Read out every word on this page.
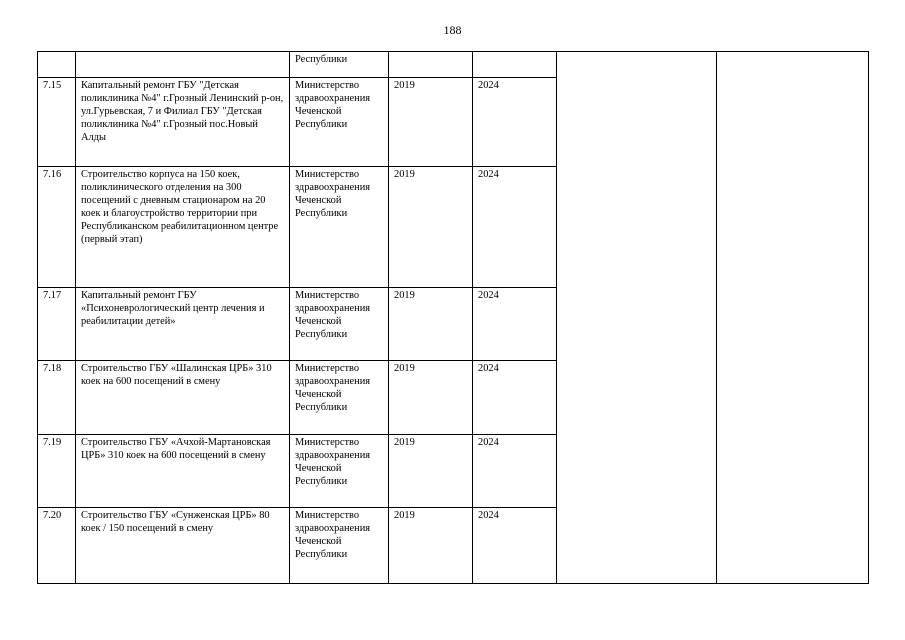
188
		Республики				
7.15	Капитальный ремонт ГБУ "Детская поликлиника №4" г.Грозный Ленинский р-он, ул.Гурьевская, 7 и Филиал ГБУ "Детская поликлиника №4" г.Грозный пос.Новый Алды	Министерство здравоохранения Чеченской Республики	2019	2024		
7.16	Строительство корпуса на 150 коек, поликлинического отделения на 300 посещений с дневным стационаром на 20 коек и благоустройство территории при Республиканском реабилитационном центре (первый этап)	Министерство здравоохранения Чеченской Республики	2019	2024		
7.17	Капитальный ремонт ГБУ «Психоневрологический центр лечения и реабилитации детей»	Министерство здравоохранения Чеченской Республики	2019	2024		
7.18	Строительство ГБУ «Шалинская ЦРБ» 310 коек на 600 посещений в смену	Министерство здравоохранения Чеченской Республики	2019	2024		
7.19	Строительство ГБУ «Ачхой-Мартановская ЦРБ» 310 коек на 600 посещений в смену	Министерство здравоохранения Чеченской Республики	2019	2024		
7.20	Строительство ГБУ «Сунженская ЦРБ» 80 коек / 150 посещений в смену	Министерство здравоохранения Чеченской Республики	2019	2024		
